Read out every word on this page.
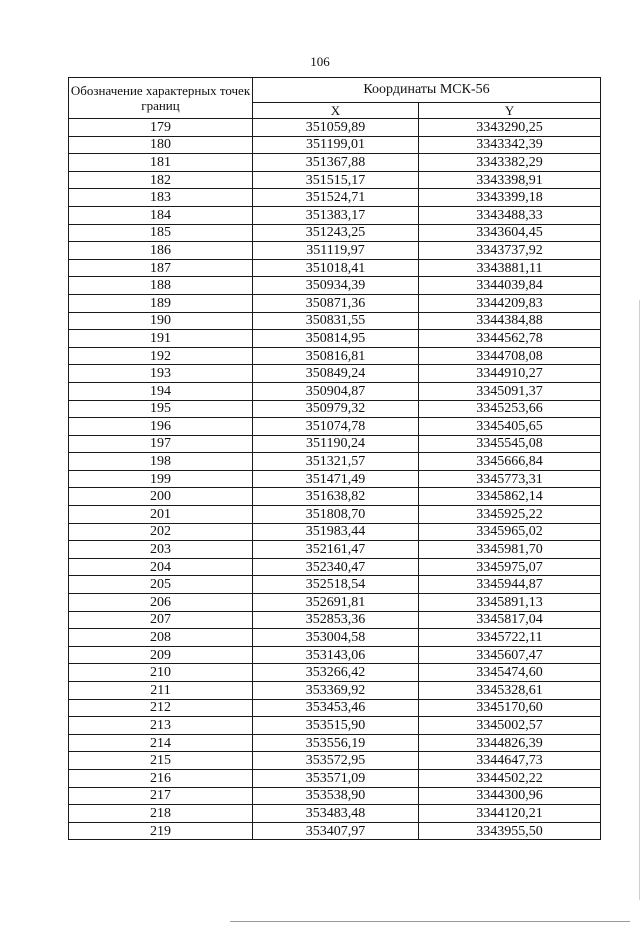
106
Обозначение характерных точек границ	Координаты МСК-56	
	X	Y
179	351059,89	3343290,25
180	351199,01	3343342,39
181	351367,88	3343382,29
182	351515,17	3343398,91
183	351524,71	3343399,18
184	351383,17	3343488,33
185	351243,25	3343604,45
186	351119,97	3343737,92
187	351018,41	3343881,11
188	350934,39	3344039,84
189	350871,36	3344209,83
190	350831,55	3344384,88
191	350814,95	3344562,78
192	350816,81	3344708,08
193	350849,24	3344910,27
194	350904,87	3345091,37
195	350979,32	3345253,66
196	351074,78	3345405,65
197	351190,24	3345545,08
198	351321,57	3345666,84
199	351471,49	3345773,31
200	351638,82	3345862,14
201	351808,70	3345925,22
202	351983,44	3345965,02
203	352161,47	3345981,70
204	352340,47	3345975,07
205	352518,54	3345944,87
206	352691,81	3345891,13
207	352853,36	3345817,04
208	353004,58	3345722,11
209	353143,06	3345607,47
210	353266,42	3345474,60
211	353369,92	3345328,61
212	353453,46	3345170,60
213	353515,90	3345002,57
214	353556,19	3344826,39
215	353572,95	3344647,73
216	353571,09	3344502,22
217	353538,90	3344300,96
218	353483,48	3344120,21
219	353407,97	3343955,50
